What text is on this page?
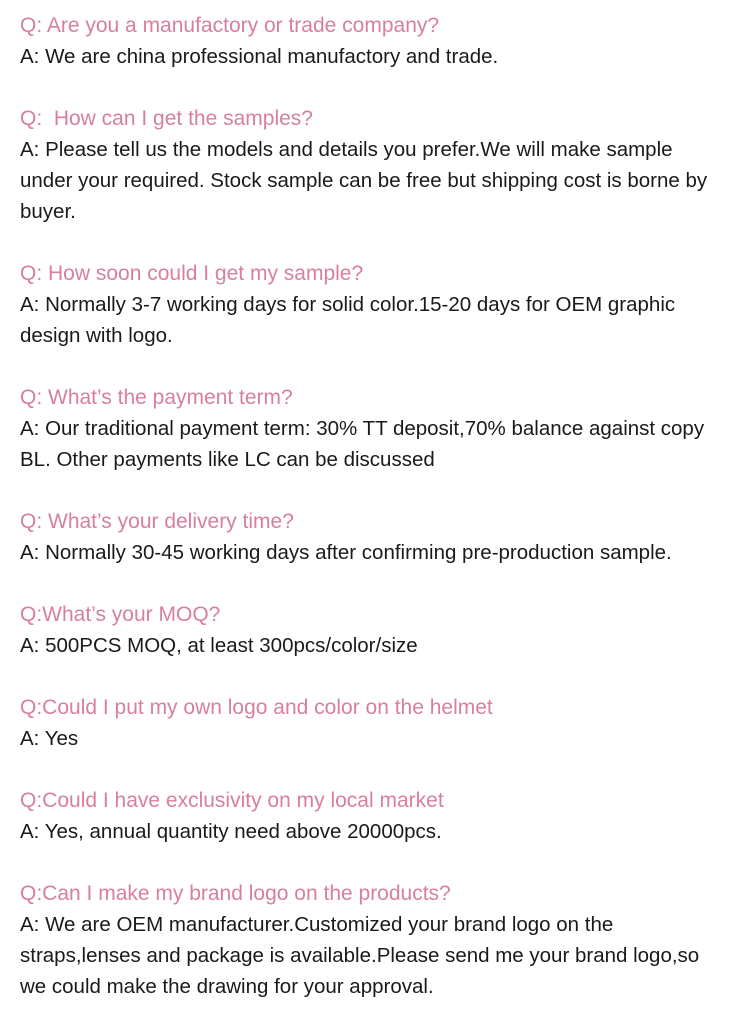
Q: Are you a manufactory or trade company?

A: We are china professional manufactory and trade.

Q:  How can I get the samples?

A: Please tell us the models and details you prefer.We will make sample under your required. Stock sample can be free but shipping cost is borne by buyer.

Q: How soon could I get my sample?

A: Normally 3-7 working days for solid color.15-20 days for OEM graphic design with logo.

Q: What’s the payment term?

A: Our traditional payment term: 30% TT deposit,70% balance against copy BL. Other payments like LC can be discussed

Q: What’s your delivery time?

A: Normally 30-45 working days after confirming pre-production sample.

Q:What’s your MOQ?

A: 500PCS MOQ, at least 300pcs/color/size

Q:Could I put my own logo and color on the helmet

A: Yes

Q:Could I have exclusivity on my local market

A: Yes, annual quantity need above 20000pcs.

Q:Can I make my brand logo on the products?

A: We are OEM manufacturer.Customized your brand logo on the straps,lenses and package is available.Please send me your brand logo,so we could make the drawing for your approval.
